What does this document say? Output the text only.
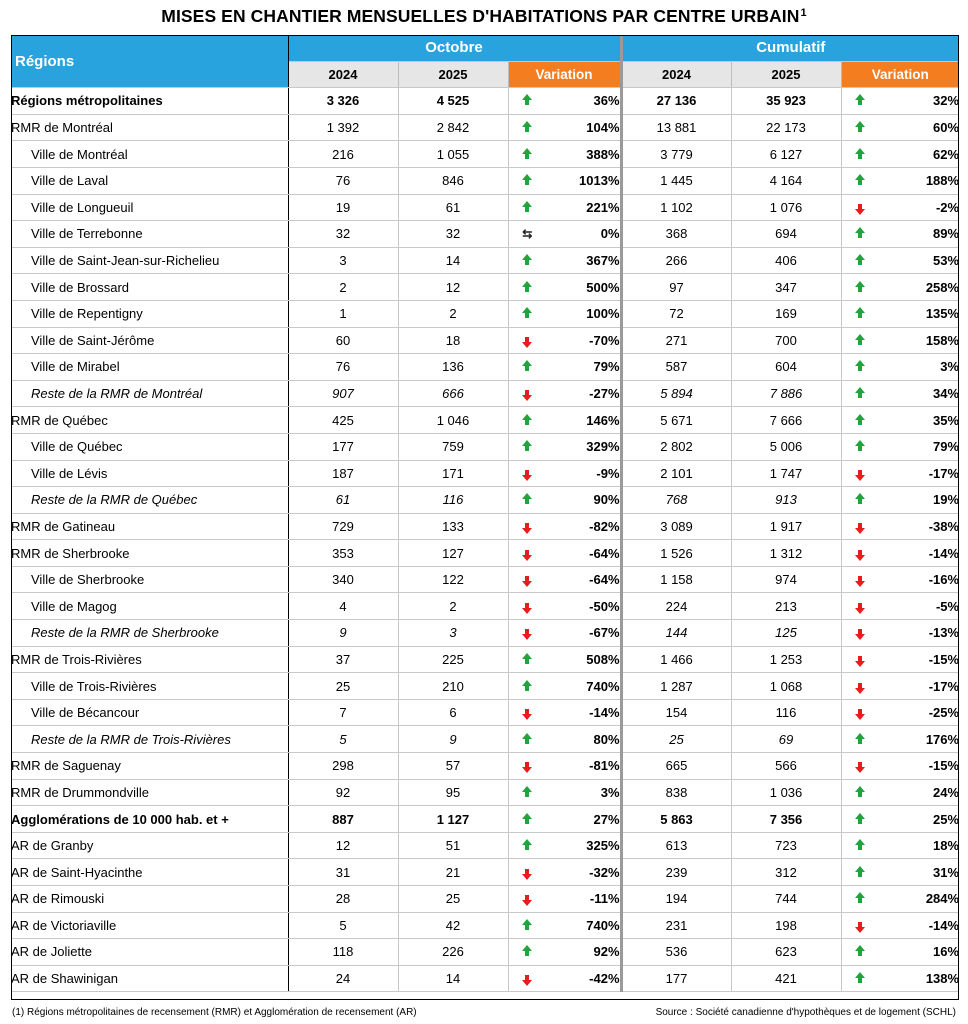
MISES EN CHANTIER MENSUELLES D'HABITATIONS PAR CENTRE URBAIN$^1$
Régions	Octobre				Cumulatif			
	2024	2025	Variation		2024	2025	Variation	
Régions métropolitaines	3 326	4 525		36%	27 136	35 923		32%
RMR de Montréal	1 392	2 842		104%	13 881	22 173		60%
Ville de Montréal	216	1 055		388%	3 779	6 127		62%
Ville de Laval	76	846		1013%	1 445	4 164		188%
Ville de Longueuil	19	61		221%	1 102	1 076		-2%
Ville de Terrebonne	32	32	⇆	0%	368	694		89%
Ville de Saint-Jean-sur-Richelieu	3	14		367%	266	406		53%
Ville de Brossard	2	12		500%	97	347		258%
Ville de Repentigny	1	2		100%	72	169		135%
Ville de Saint-Jérôme	60	18		-70%	271	700		158%
Ville de Mirabel	76	136		79%	587	604		3%
Reste de la RMR de Montréal	907	666		-27%	5 894	7 886		34%
RMR de Québec	425	1 046		146%	5 671	7 666		35%
Ville de Québec	177	759		329%	2 802	5 006		79%
Ville de Lévis	187	171		-9%	2 101	1 747		-17%
Reste de la RMR de Québec	61	116		90%	768	913		19%
RMR de Gatineau	729	133		-82%	3 089	1 917		-38%
RMR de Sherbrooke	353	127		-64%	1 526	1 312		-14%
Ville de Sherbrooke	340	122		-64%	1 158	974		-16%
Ville de Magog	4	2		-50%	224	213		-5%
Reste de la RMR de Sherbrooke	9	3		-67%	144	125		-13%
RMR de Trois-Rivières	37	225		508%	1 466	1 253		-15%
Ville de Trois-Rivières	25	210		740%	1 287	1 068		-17%
Ville de Bécancour	7	6		-14%	154	116		-25%
Reste de la RMR de Trois-Rivières	5	9		80%	25	69		176%
RMR de Saguenay	298	57		-81%	665	566		-15%
RMR de Drummondville	92	95		3%	838	1 036		24%
Agglomérations de 10 000 hab. et +	887	1 127		27%	5 863	7 356		25%
AR de Granby	12	51		325%	613	723		18%
AR de Saint-Hyacinthe	31	21		-32%	239	312		31%
AR de Rimouski	28	25		-11%	194	744		284%
AR de Victoriaville	5	42		740%	231	198		-14%
AR de Joliette	118	226		92%	536	623		16%
AR de Shawinigan	24	14		-42%	177	421		138%
(1) Régions métropolitaines de recensement (RMR) et Agglomération de recensement (AR)	Source : Société canadienne d'hypothèques et de logement (SCHL)
